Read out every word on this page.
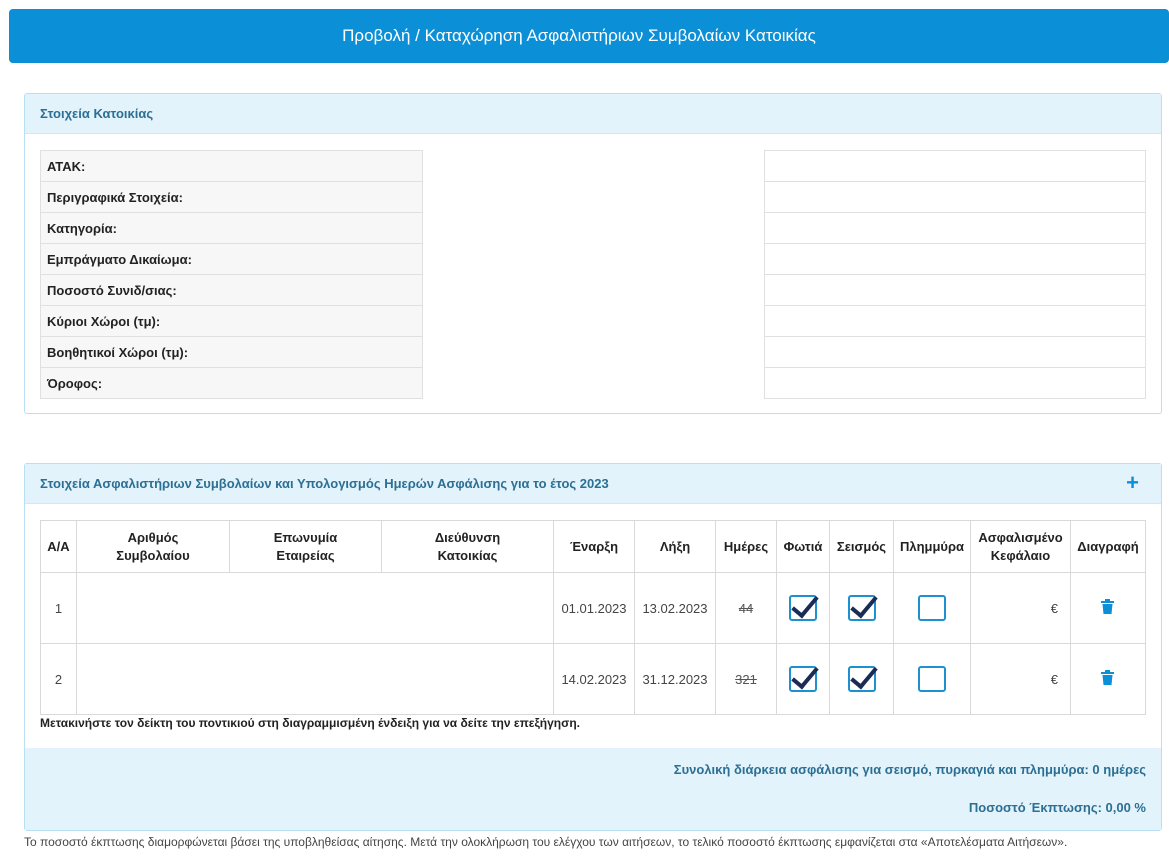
Προβολή / Καταχώρηση Ασφαλιστήριων Συμβολαίων Κατοικίας
Στοιχεία Κατοικίας
ΑΤΑΚ:		
Περιγραφικά Στοιχεία:		
Κατηγορία:		
Εμπράγματο Δικαίωμα:		
Ποσοστό Συνιδ/σιας:		
Κύριοι Χώροι (τμ):		
Βοηθητικοί Χώροι (τμ):		
Όροφος:		
Στοιχεία Ασφαλιστήριων Συμβολαίων και Υπολογισμός Ημερών Ασφάλισης για το έτος 2023	+
Α/Α	Αριθμός Συμβολαίου	Επωνυμία Εταιρείας	Διεύθυνση Κατοικίας	Έναρξη	Λήξη	Ημέρες	Φωτιά	Σεισμός	Πλημμύρα	Ασφαλισμένο Κεφάλαιο	Διαγραφή
1				01.01.2023	13.02.2023	44				€	

2				14.02.2023	31.12.2023	321				€	
Μετακινήστε τον δείκτη του ποντικιού στη διαγραμμισμένη ένδειξη για να δείτε την επεξήγηση.
Συνολική διάρκεια ασφάλισης για σεισμό, πυρκαγιά και πλημμύρα: 0 ημέρες
Ποσοστό Έκπτωσης: 0,00 %
Το ποσοστό έκπτωσης διαμορφώνεται βάσει της υποβληθείσας αίτησης. Μετά την ολοκλήρωση του ελέγχου των αιτήσεων, το τελικό ποσοστό έκπτωσης εμφανίζεται στα «Αποτελέσματα Αιτήσεων».
